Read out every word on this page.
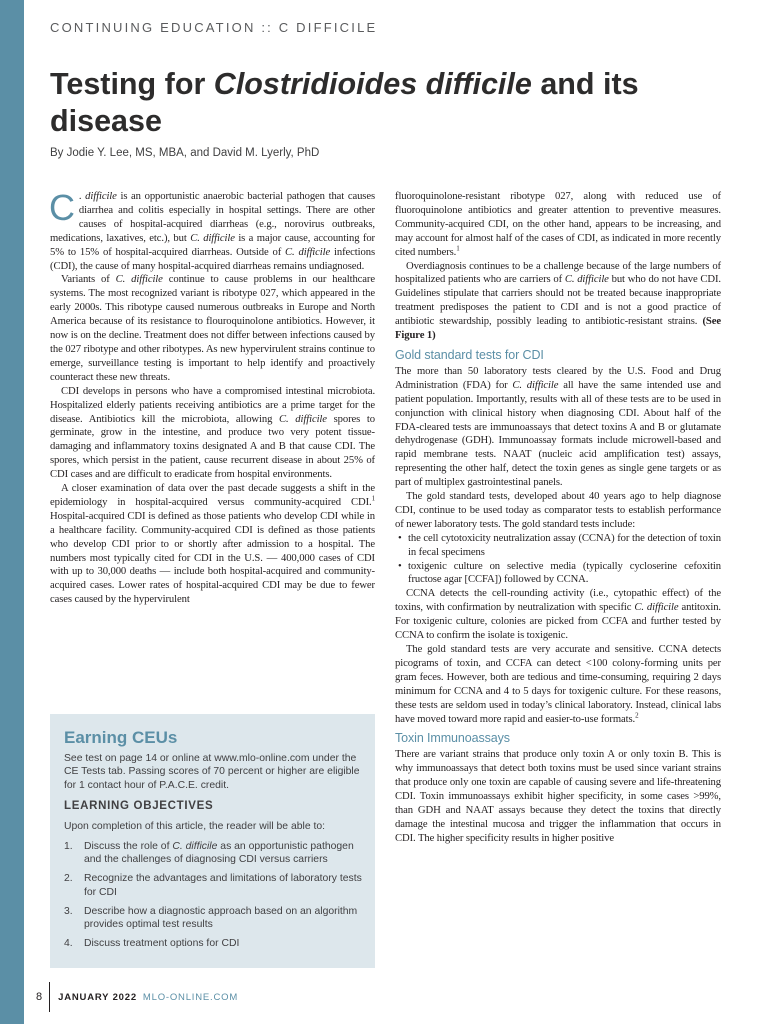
CONTINUING EDUCATION :: C DIFFICILE
Testing for Clostridioides difficile and its disease
By Jodie Y. Lee, MS, MBA, and David M. Lyerly, PhD

C . difficile is an opportunistic anaerobic bacterial pathogen that causes diarrhea and colitis especially in hospital settings. There are other causes of hospital-acquired diarrheas (e.g., norovirus outbreaks, medications, laxatives, etc.), but C. difficile is a major cause, accounting for 5% to 15% of hospital-acquired diarrheas. Outside of C. difficile infections (CDI), the cause of many hospital-acquired diarrheas remains undiagnosed.

Variants of C. difficile continue to cause problems in our healthcare systems. The most recognized variant is ribotype 027, which appeared in the early 2000s. This ribotype caused numerous outbreaks in Europe and North America because of its resistance to flouroquinolone antibiotics. However, it now is on the decline. Treatment does not differ between infections caused by the 027 ribotype and other ribotypes. As new hypervirulent strains continue to emerge, surveillance testing is important to help identify and proactively counteract these new threats.

CDI develops in persons who have a compromised intestinal microbiota. Hospitalized elderly patients receiving antibiotics are a prime target for the disease. Antibiotics kill the microbiota, allowing C. difficile spores to germinate, grow in the intestine, and produce two very potent tissue-damaging and inflammatory toxins designated A and B that cause CDI. The spores, which persist in the patient, cause recurrent disease in about 25% of CDI cases and are difficult to eradicate from hospital environments.

A closer examination of data over the past decade suggests a shift in the epidemiology in hospital-acquired versus community-acquired CDI.$^1$ Hospital-acquired CDI is defined as those patients who develop CDI while in a healthcare facility. Community-acquired CDI is defined as those patients who develop CDI prior to or shortly after admission to a hospital. The numbers most typically cited for CDI in the U.S. — 400,000 cases of CDI with up to 30,000 deaths — include both hospital-acquired and community-acquired cases. Lower rates of hospital-acquired CDI may be due to fewer cases caused by the hypervirulent

Earning CEUs

See test on page 14 or online at www.mlo-online.com under the CE Tests tab. Passing scores of 70 percent or higher are eligible for 1 contact hour of P.A.C.E. credit.

LEARNING OBJECTIVES

Upon completion of this article, the reader will be able to:

1.	Discuss the role of C. difficile as an opportunistic pathogen and the challenges of diagnosing CDI versus carriers
2.	Recognize the advantages and limitations of laboratory tests for CDI
3.	Describe how a diagnostic approach based on an algorithm provides optimal test results
4.	Discuss treatment options for CDI

fluoroquinolone-resistant ribotype 027, along with reduced use of fluoroquinolone antibiotics and greater attention to preventive measures. Community-acquired CDI, on the other hand, appears to be increasing, and may account for almost half of the cases of CDI, as indicated in more recently cited numbers.$^1$

Overdiagnosis continues to be a challenge because of the large numbers of hospitalized patients who are carriers of C. difficile but who do not have CDI. Guidelines stipulate that carriers should not be treated because inappropriate treatment predisposes the patient to CDI and is not a good practice of antibiotic stewardship, possibly leading to antibiotic-resistant strains. (See Figure 1)

Gold standard tests for CDI

The more than 50 laboratory tests cleared by the U.S. Food and Drug Administration (FDA) for C. difficile all have the same intended use and patient population. Importantly, results with all of these tests are to be used in conjunction with clinical history when diagnosing CDI. About half of the FDA-cleared tests are immunoassays that detect toxins A and B or glutamate dehydrogenase (GDH). Immunoassay formats include microwell-based and rapid membrane tests. NAAT (nucleic acid amplification test) assays, representing the other half, detect the toxin genes as single gene targets or as part of multiplex gastrointestinal panels.

The gold standard tests, developed about 40 years ago to help diagnose CDI, continue to be used today as comparator tests to establish performance of newer laboratory tests. The gold standard tests include:

• the cell cytotoxicity neutralization assay (CCNA) for the detection of toxin in fecal specimens
• toxigenic culture on selective media (typically cycloserine cefoxitin fructose agar [CCFA]) followed by CCNA.

CCNA detects the cell-rounding activity (i.e., cytopathic effect) of the toxins, with confirmation by neutralization with specific C. difficile antitoxin. For toxigenic culture, colonies are picked from CCFA and further tested by CCNA to confirm the isolate is toxigenic.

The gold standard tests are very accurate and sensitive. CCNA detects picograms of toxin, and CCFA can detect <100 colony-forming units per gram feces. However, both are tedious and time-consuming, requiring 2 days minimum for CCNA and 4 to 5 days for toxigenic culture. For these reasons, these tests are seldom used in today’s clinical laboratory. Instead, clinical labs have moved toward more rapid and easier-to-use formats.$^2$

Toxin Immunoassays

There are variant strains that produce only toxin A or only toxin B. This is why immunoassays that detect both toxins must be used since variant strains that produce only one toxin are capable of causing severe and life-threatening CDI. Toxin immunoassays exhibit higher specificity, in some cases >99%, than GDH and NAAT assays because they detect the toxins that directly damage the intestinal mucosa and trigger the inflammation that occurs in CDI. The higher specificity results in higher positive

8	JANUARY 2022 MLO-ONLINE.COM
